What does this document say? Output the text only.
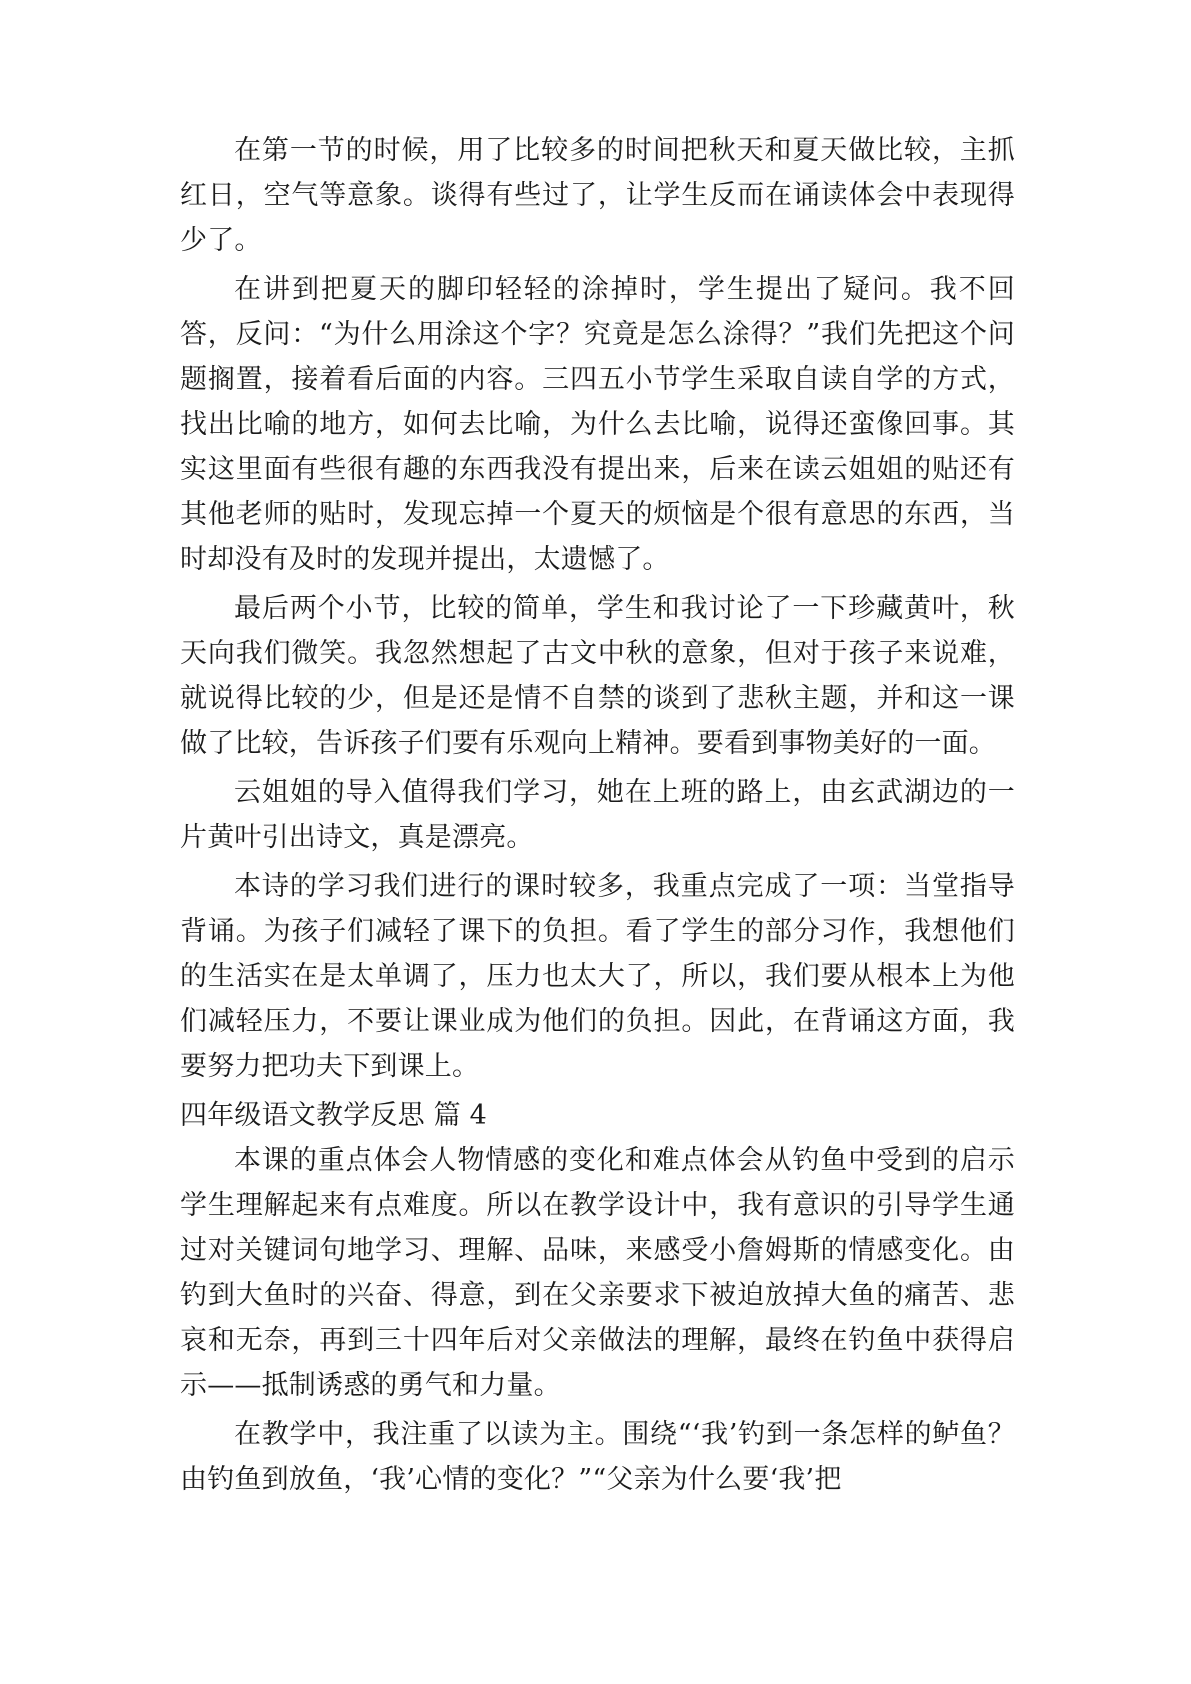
在第一节的时候，用了比较多的时间把秋天和夏天做比较，主抓红日，空气等意象。谈得有些过了，让学生反而在诵读体会中表现得少了。

在讲到把夏天的脚印轻轻的涂掉时，学生提出了疑问。我不回答，反问：“为什么用涂这个字？究竟是怎么涂得？”我们先把这个问题搁置，接着看后面的内容。三四五小节学生采取自读自学的方式，找出比喻的地方，如何去比喻，为什么去比喻，说得还蛮像回事。其实这里面有些很有趣的东西我没有提出来，后来在读云姐姐的贴还有其他老师的贴时，发现忘掉一个夏天的烦恼是个很有意思的东西，当时却没有及时的发现并提出，太遗憾了。

最后两个小节，比较的简单，学生和我讨论了一下珍藏黄叶，秋天向我们微笑。我忽然想起了古文中秋的意象，但对于孩子来说难，就说得比较的少，但是还是情不自禁的谈到了悲秋主题，并和这一课做了比较，告诉孩子们要有乐观向上精神。要看到事物美好的一面。

云姐姐的导入值得我们学习，她在上班的路上，由玄武湖边的一片黄叶引出诗文，真是漂亮。

本诗的学习我们进行的课时较多，我重点完成了一项：当堂指导背诵。为孩子们减轻了课下的负担。看了学生的部分习作，我想他们的生活实在是太单调了，压力也太大了，所以，我们要从根本上为他们减轻压力，不要让课业成为他们的负担。因此，在背诵这方面，我要努力把功夫下到课上。

四年级语文教学反思 篇 4

本课的重点体会人物情感的变化和难点体会从钓鱼中受到的启示学生理解起来有点难度。所以在教学设计中，我有意识的引导学生通过对关键词句地学习、理解、品味，来感受小詹姆斯的情感变化。由钓到大鱼时的兴奋、得意，到在父亲要求下被迫放掉大鱼的痛苦、悲哀和无奈，再到三十四年后对父亲做法的理解，最终在钓鱼中获得启示——抵制诱惑的勇气和力量。

在教学中，我注重了以读为主。围绕“‘我’钓到一条怎样的鲈鱼？由钓鱼到放鱼，‘我’心情的变化？”“父亲为什么要‘我’把
